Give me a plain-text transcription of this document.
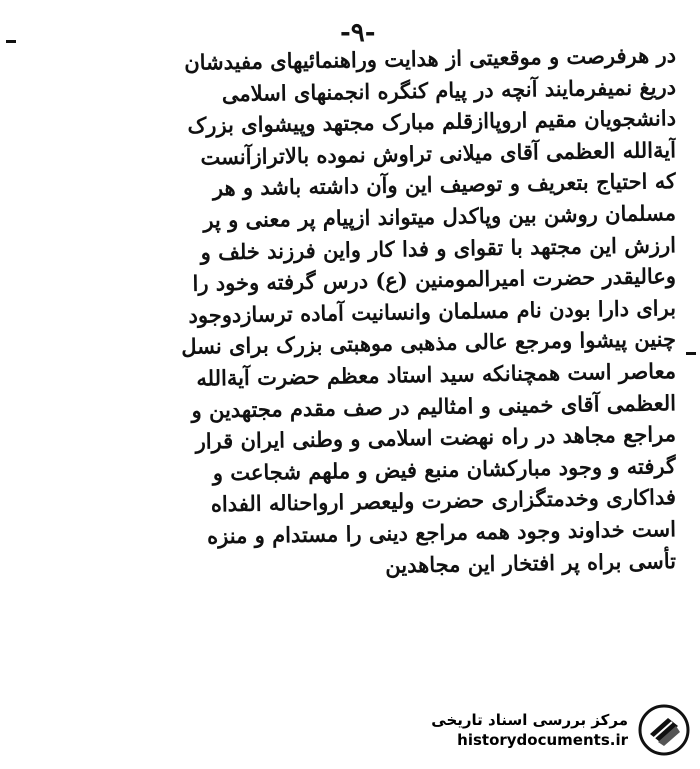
-۹-
در هرفرصت و موقعیتی از هدایت وراهنمائیهای مفیدشان
دریغ نمیفرمایند آنچه در پیام کنگره انجمنهای اسلامی
دانشجویان مقیم اروپاازقلم مبارک مجتهد وپیشوای بزرک
آیةالله العظمی آقای میلانی تراوش نموده بالاترازآنست
که احتیاج بتعریف و توصیف این وآن داشته باشد و هر
مسلمان روشن بین وپاکدل میتواند ازپیام پر معنی و پر
ارزش این مجتهد با تقوای و فدا کار واین فرزند خلف و
وعالیقدر حضرت امیرالمومنین (ع) درس گرفته وخود را
برای دارا بودن نام مسلمان وانسانیت آماده ترسازدوجود
چنین پیشوا ومرجع عالی مذهبی موهبتی بزرک برای نسل
معاصر است همچنانکه سید استاد معظم حضرت آیةالله
العظمی آقای خمینی و امثالیم در صف مقدم مجتهدین و
مراجع مجاهد در راه نهضت اسلامی و وطنی ایران قرار
گرفته و وجود مبارکشان منبع فیض و ملهم شجاعت و
فداکاری وخدمتگزاری حضرت ولیعصر ارواحناله الفداه
است خداوند وجود همه مراجع دینی را مستدام و منزه
تأسی براه پر افتخار این مجاهدین
مرکز بررسی اسناد تاریخی
historydocuments.ir
